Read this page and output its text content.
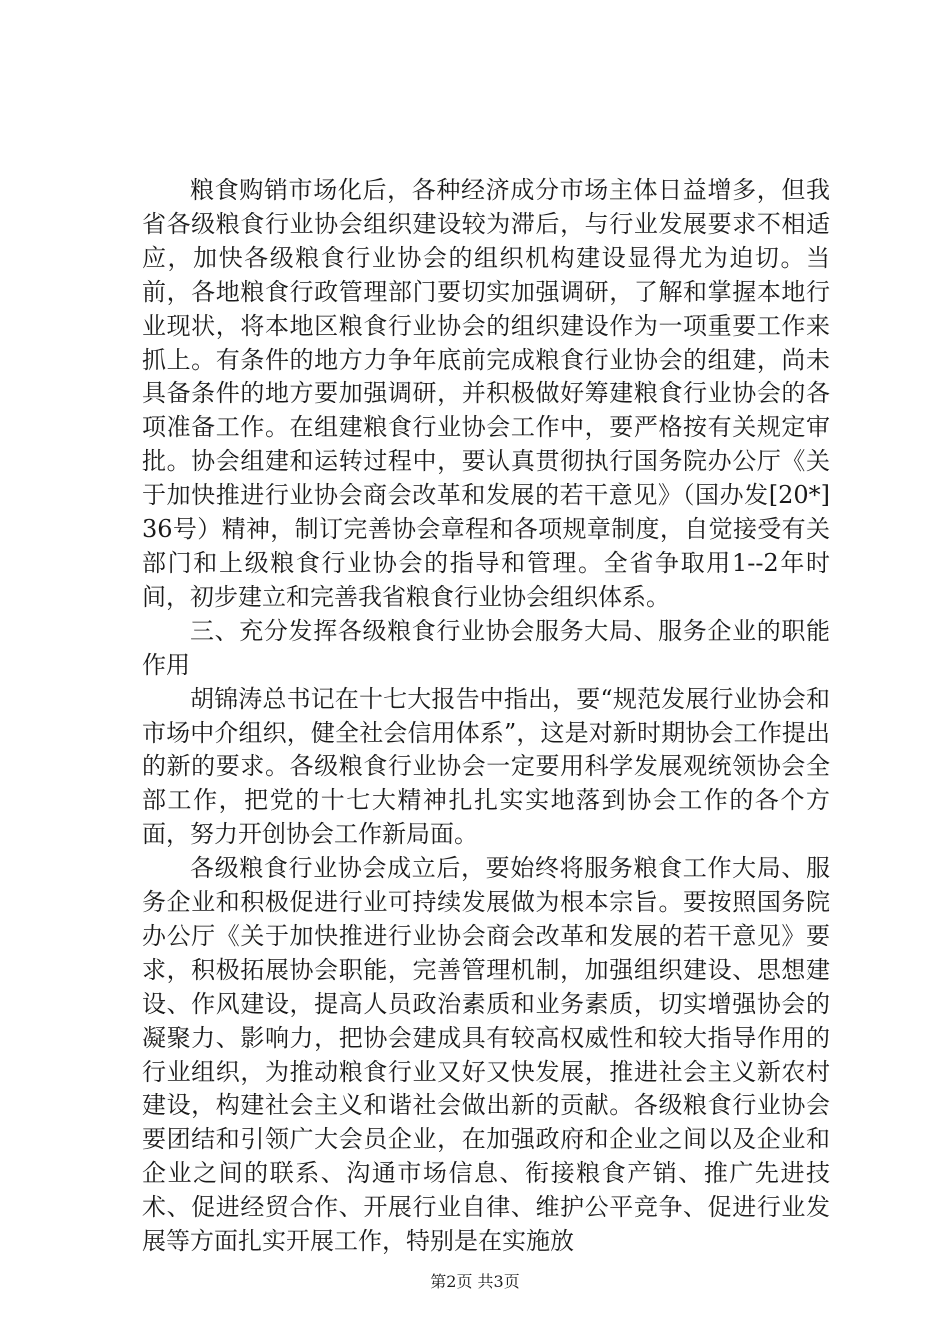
粮食购销市场化后，各种经济成分市场主体日益增多，但我省各级粮食行业协会组织建设较为滞后，与行业发展要求不相适应，加快各级粮食行业协会的组织机构建设显得尤为迫切。当前，各地粮食行政管理部门要切实加强调研，了解和掌握本地行业现状，将本地区粮食行业协会的组织建设作为一项重要工作来抓上。有条件的地方力争年底前完成粮食行业协会的组建，尚未具备条件的地方要加强调研，并积极做好筹建粮食行业协会的各项准备工作。在组建粮食行业协会工作中，要严格按有关规定审批。协会组建和运转过程中，要认真贯彻执行国务院办公厅《关于加快推进行业协会商会改革和发展的若干意见》（国办发[20*]36号）精神，制订完善协会章程和各项规章制度，自觉接受有关部门和上级粮食行业协会的指导和管理。全省争取用1--2年时间，初步建立和完善我省粮食行业协会组织体系。

三、充分发挥各级粮食行业协会服务大局、服务企业的职能作用

胡锦涛总书记在十七大报告中指出，要“规范发展行业协会和市场中介组织，健全社会信用体系”，这是对新时期协会工作提出的新的要求。各级粮食行业协会一定要用科学发展观统领协会全部工作，把党的十七大精神扎扎实实地落到协会工作的各个方面，努力开创协会工作新局面。

各级粮食行业协会成立后，要始终将服务粮食工作大局、服务企业和积极促进行业可持续发展做为根本宗旨。要按照国务院办公厅《关于加快推进行业协会商会改革和发展的若干意见》要求，积极拓展协会职能，完善管理机制，加强组织建设、思想建设、作风建设，提高人员政治素质和业务素质，切实增强协会的凝聚力、影响力，把协会建成具有较高权威性和较大指导作用的行业组织，为推动粮食行业又好又快发展，推进社会主义新农村建设，构建社会主义和谐社会做出新的贡献。各级粮食行业协会要团结和引领广大会员企业，在加强政府和企业之间以及企业和企业之间的联系、沟通市场信息、衔接粮食产销、推广先进技术、促进经贸合作、开展行业自律、维护公平竞争、促进行业发展等方面扎实开展工作，特别是在实施放

第2页 共3页
